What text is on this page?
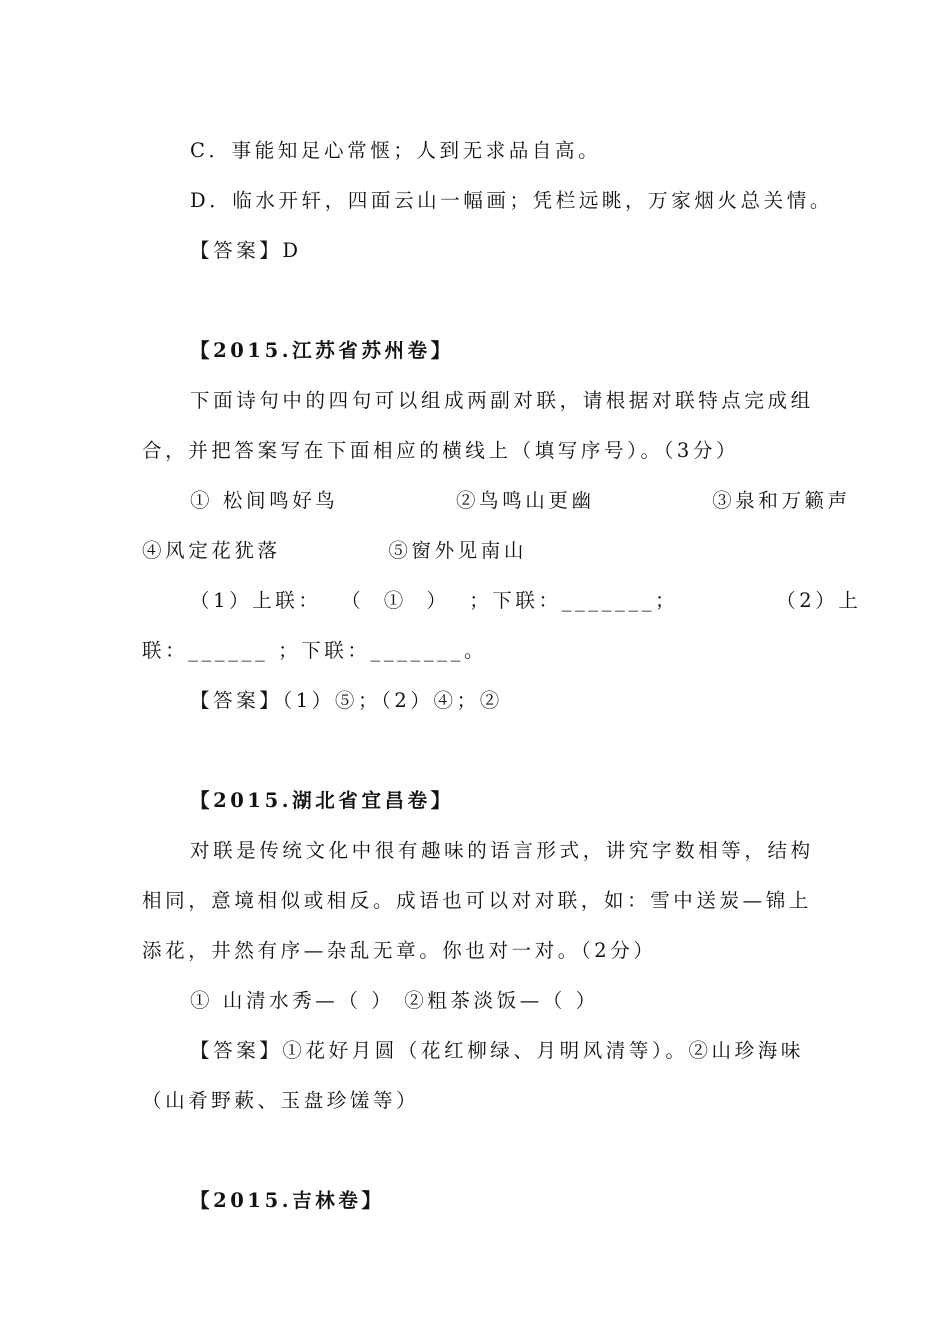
C．事能知足心常惬；人到无求品自高。
D．临水开轩，四面云山一幅画；凭栏远眺，万家烟火总关情。
【答案】D
【2015.江苏省苏州卷】
下面诗句中的四句可以组成两副对联，请根据对联特点完成组
合，并把答案写在下面相应的横线上（填写序号）。（3分）
① 松间鸣好鸟            ②鸟鸣山更幽            ③泉和万籁声
④风定花犹落           ⑤窗外见南山
（1）上联：  （  ①  ）  ；下联：_______；          （2）上
联：______ ；下联：_______。
【答案】（1）⑤；（2）④；②
【2015.湖北省宜昌卷】
对联是传统文化中很有趣味的语言形式，讲究字数相等，结构
相同，意境相似或相反。成语也可以对对联，如：雪中送炭—锦上
添花，井然有序—杂乱无章。你也对一对。（2分）
① 山清水秀—（ ） ②粗茶淡饭—（ ）
【答案】①花好月圆（花红柳绿、月明风清等）。②山珍海味
（山肴野蔌、玉盘珍馐等）
【2015.吉林卷】
